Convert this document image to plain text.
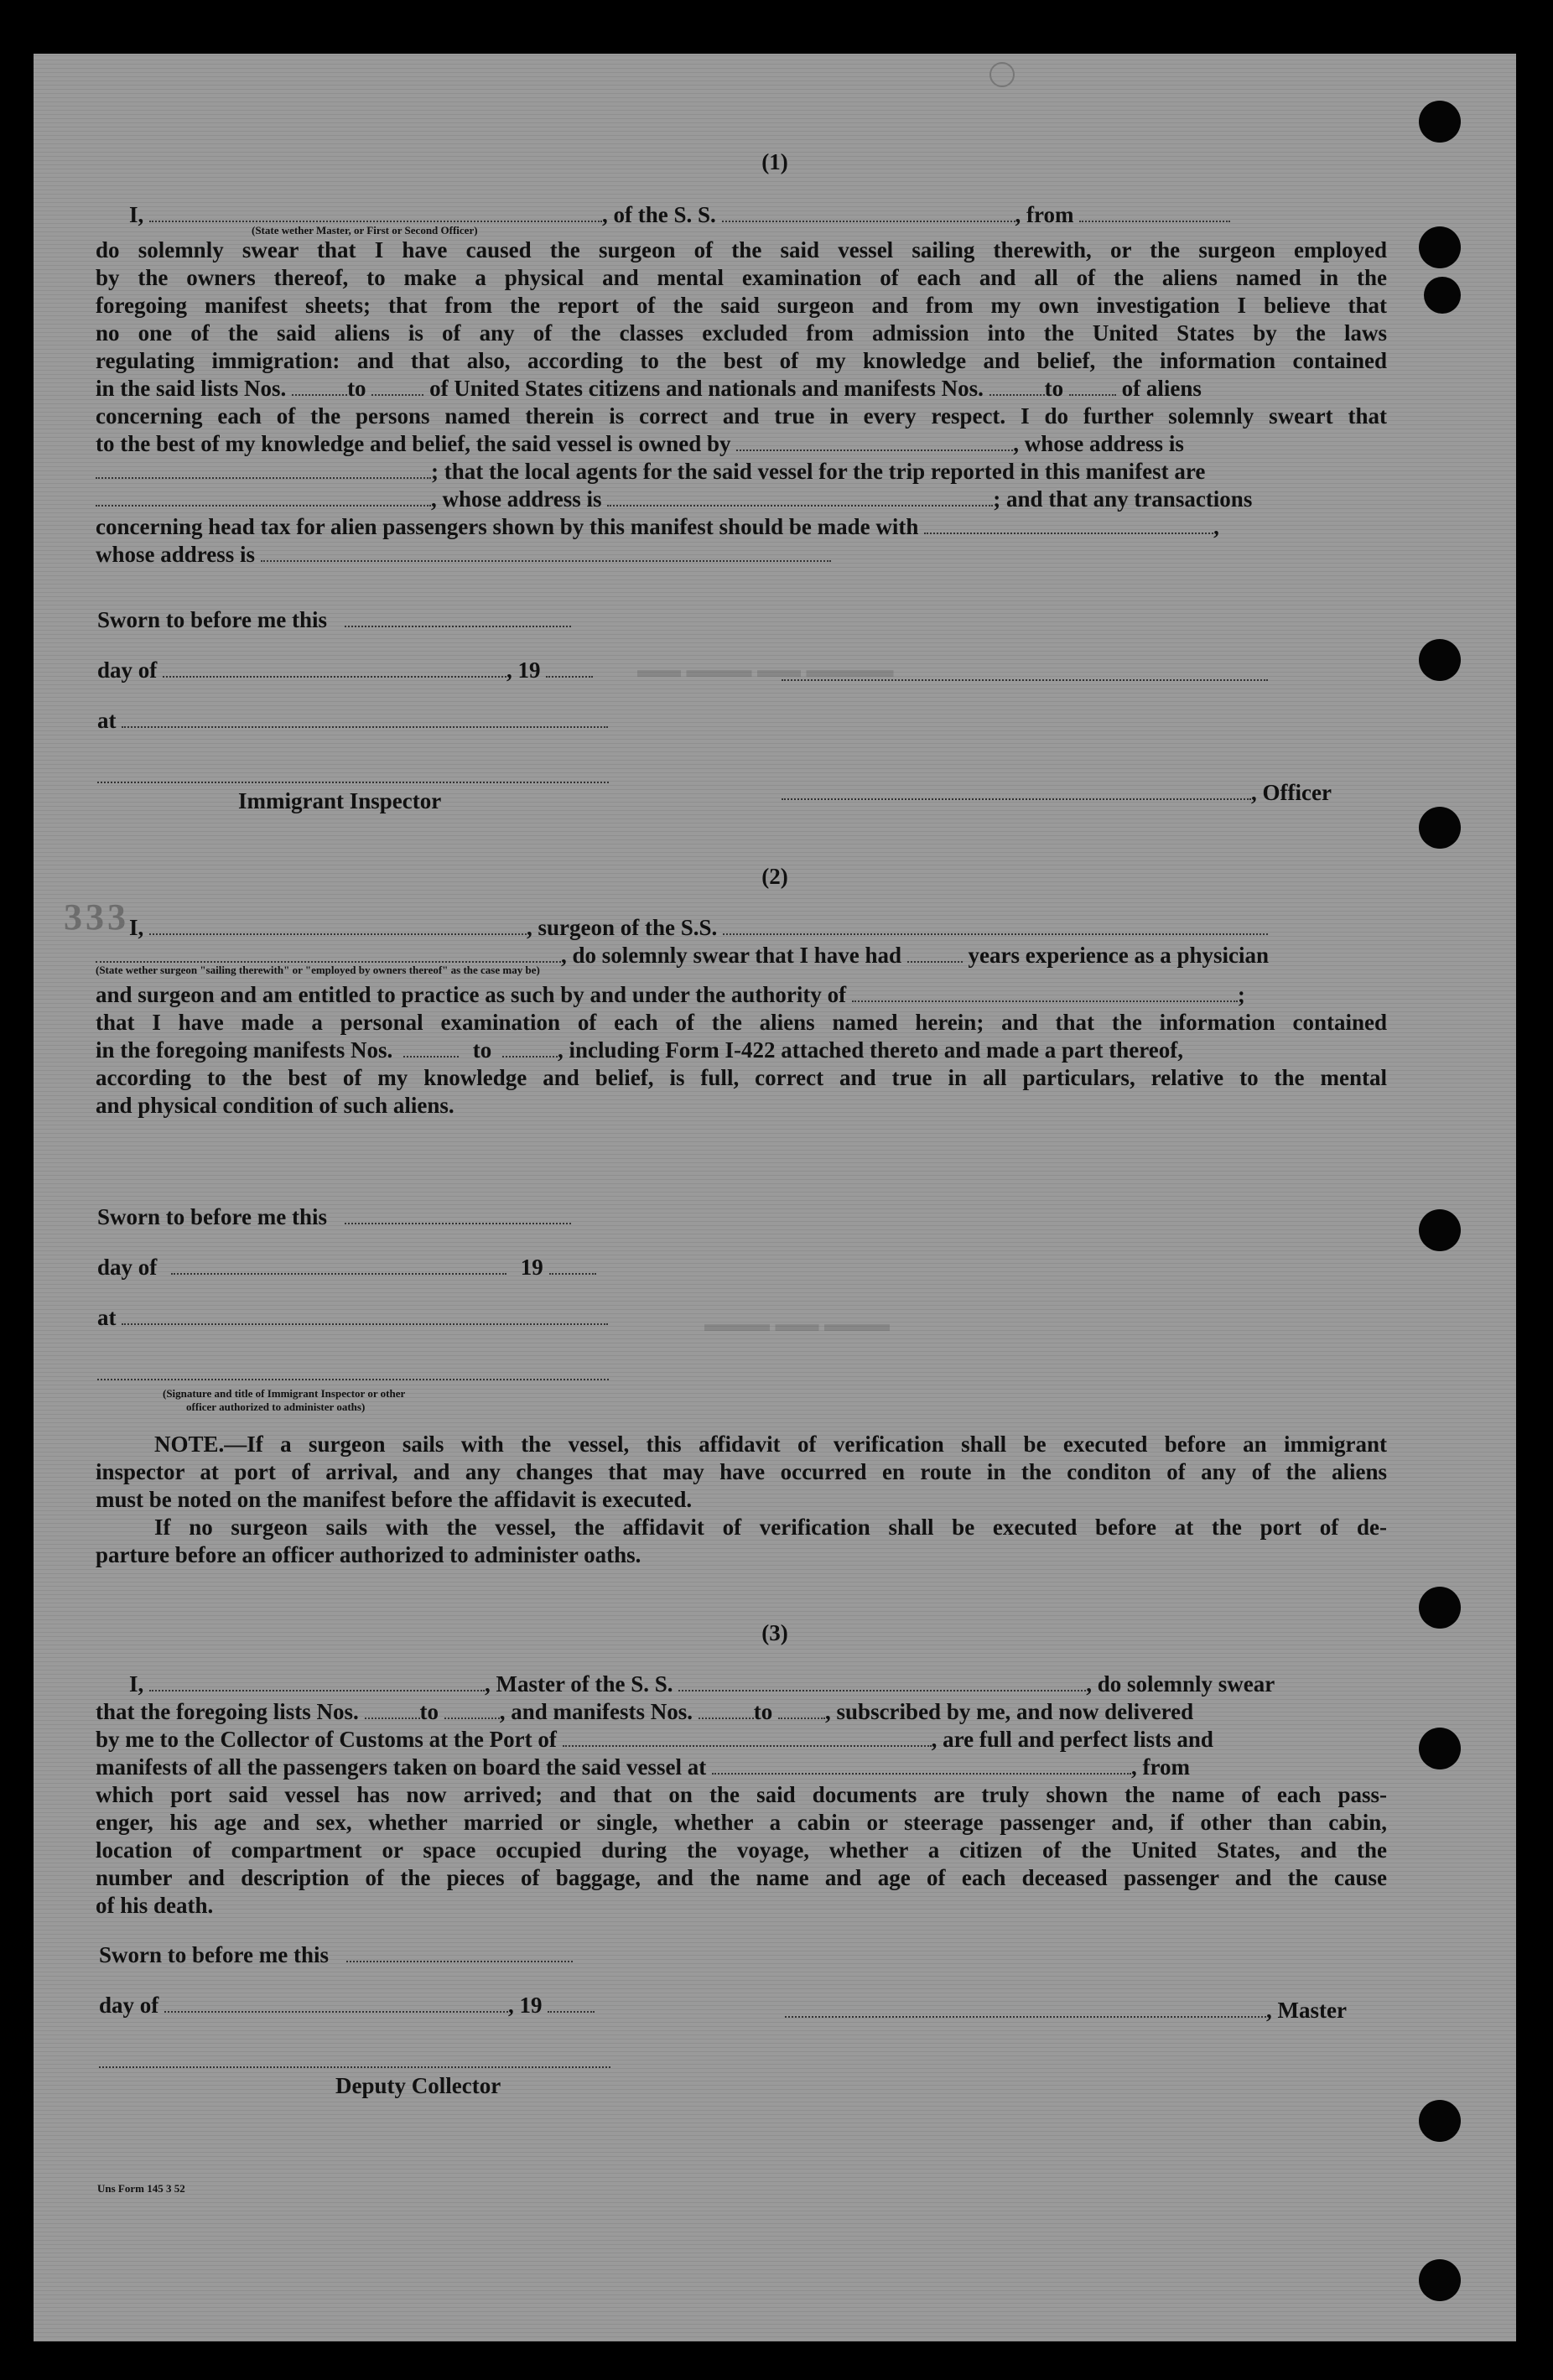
▬▬ ▬▬▬ ▬▬ ▬▬▬▬
▬▬▬ ▬▬ ▬▬▬
333
(1)

I,	, of the S. S.	, from

(State wether Master, or First or Second Officer)

do solemnly swear that I have caused the surgeon of the said vessel sailing therewith, or the surgeon employed

by the owners thereof, to make a physical and mental examination of each and all of the aliens named in the

foregoing manifest sheets; that from the report of the said surgeon and from my own investigation I believe that

no one of the said aliens is of any of the classes excluded from admission into the United States by the laws

regulating immigration: and that also, according to the best of my knowledge and belief, the information contained

in the said lists Nos.	to	of United States citizens and nationals and manifests Nos.	to	of aliens

concerning each of the persons named therein is correct and true in every respect. I do further solemnly sweart that

to the best of my knowledge and belief, the said vessel is owned by	, whose address is

; that the local agents for the said vessel for the trip reported in this manifest are

, whose address is	; and that any transactions

concerning head tax for alien passengers shown by this manifest should be made with	,

whose address is

Sworn to before me this
day of	, 19
at
Immigrant Inspector	, Officer
(2)

I,	, surgeon of the S.S.

, do solemnly swear that I have had	years experience as a physician

(State wether surgeon "sailing therewith" or "employed by owners thereof" as the case may be)

and surgeon and am entitled to practice as such by and under the authority of	;

that I have made a personal examination of each of the aliens named herein; and that the information contained

in the foregoing manifests Nos.	to	, including Form I-422 attached thereto and made a part thereof,

according to the best of my knowledge and belief, is full, correct and true in all particulars, relative to the mental

and physical condition of such aliens.

Sworn to before me this
day of	19
at
(Signature and title of Immigrant Inspector or other
officer authorized to administer oaths)

NOTE.—If a surgeon sails with the vessel, this affidavit of verification shall be executed before an immigrant

inspector at port of arrival, and any changes that may have occurred en route in the conditon of any of the aliens

must be noted on the manifest before the affidavit is executed.

If no surgeon sails with the vessel, the affidavit of verification shall be executed before at the port of de-

parture before an officer authorized to administer oaths.

(3)

I,	, Master of the S. S.	, do solemnly swear

that the foregoing lists Nos.	to	, and manifests Nos.	to , subscribed by me, and now delivered

by me to the Collector of Customs at the Port of	, are full and perfect lists and

manifests of all the passengers taken on board the said vessel at	, from

which port said vessel has now arrived; and that on the said documents are truly shown the name of each pass-

enger, his age and sex, whether married or single, whether a cabin or steerage passenger and, if other than cabin,

location of compartment or space occupied during the voyage, whether a citizen of the United States, and the

number and description of the pieces of baggage, and the name and age of each deceased passenger and the cause

of his death.

Sworn to before me this
day of	, 19	, Master
Deputy Collector
Uns Form 145 3 52
